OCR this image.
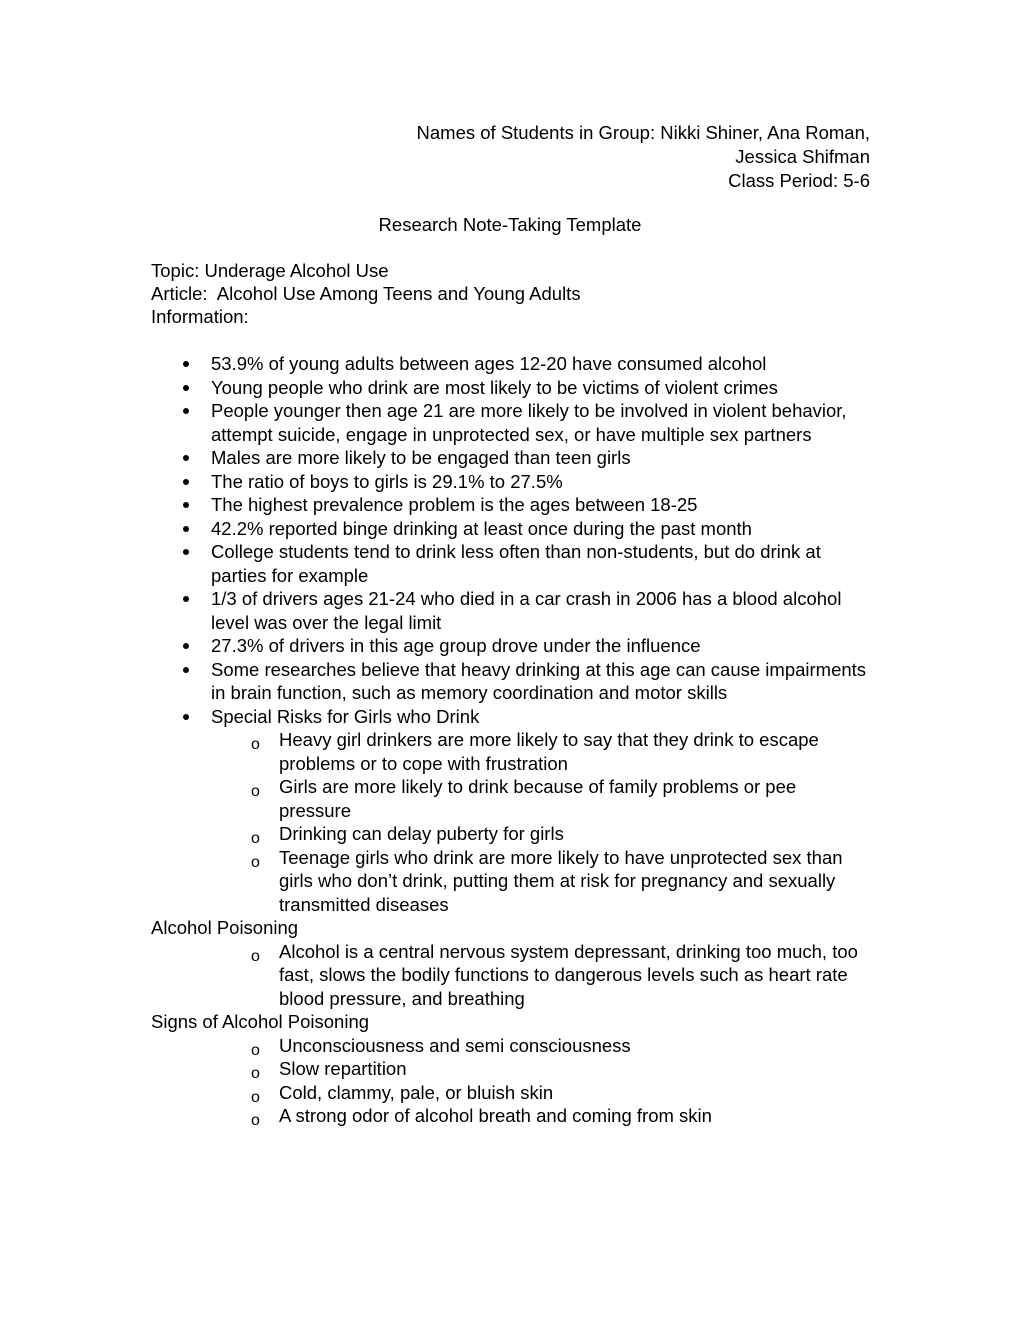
Names of Students in Group: Nikki Shiner, Ana Roman,
Jessica Shifman
Class Period: 5-6
Research Note-Taking Template
Topic: Underage Alcohol Use
Article:  Alcohol Use Among Teens and Young Adults
Information:
53.9% of young adults between ages 12-20 have consumed alcohol
Young people who drink are most likely to be victims of violent crimes
People younger then age 21 are more likely to be involved in violent behavior, attempt suicide, engage in unprotected sex, or have multiple sex partners
Males are more likely to be engaged than teen girls
The ratio of boys to girls is 29.1% to 27.5%
The highest prevalence problem is the ages between 18-25
42.2% reported binge drinking at least once during the past month
College students tend to drink less often than non-students, but do drink at parties for example
1/3 of drivers ages 21-24 who died in a car crash in 2006 has a blood alcohol level was over the legal limit
27.3% of drivers in this age group drove under the influence
Some researches believe that heavy drinking at this age can cause impairments in brain function, such as memory coordination and motor skills
Special Risks for Girls who Drink
o Heavy girl drinkers are more likely to say that they drink to escape problems or to cope with frustration
o Girls are more likely to drink because of family problems or pee pressure
o Drinking can delay puberty for girls
o Teenage girls who drink are more likely to have unprotected sex than girls who don’t drink, putting them at risk for pregnancy and sexually transmitted diseases
Alcohol Poisoning
o Alcohol is a central nervous system depressant, drinking too much, too fast, slows the bodily functions to dangerous levels such as heart rate blood pressure, and breathing
Signs of Alcohol Poisoning
o Unconsciousness and semi consciousness
o Slow repartition
o Cold, clammy, pale, or bluish skin
o A strong odor of alcohol breath and coming from skin
